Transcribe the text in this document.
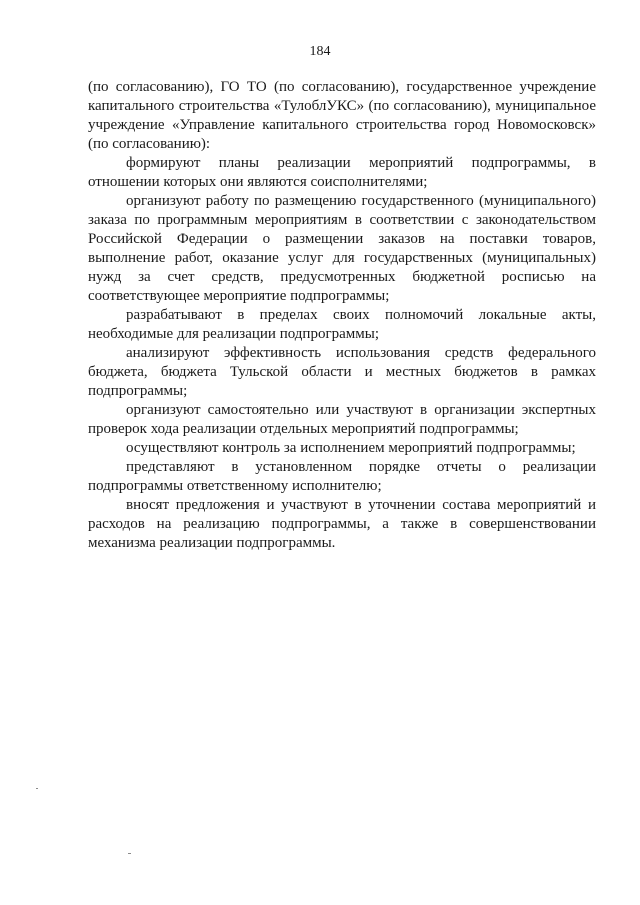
184

(по согласованию), ГО ТО (по согласованию), государственное учреждение капитального строительства «ТулоблУКС» (по согласованию), муниципальное учреждение «Управление капитального строительства город Новомосковск» (по согласованию):

формируют планы реализации мероприятий подпрограммы, в отношении которых они являются соисполнителями;

организуют работу по размещению государственного (муниципального) заказа по программным мероприятиям в соответствии с законодательством Российской Федерации о размещении заказов на поставки товаров, выполнение работ, оказание услуг для государственных (муниципальных) нужд за счет средств, предусмотренных бюджетной росписью на соответствующее мероприятие подпрограммы;

разрабатывают в пределах своих полномочий локальные акты, необходимые для реализации подпрограммы;

анализируют эффективность использования средств федерального бюджета, бюджета Тульской области и местных бюджетов в рамках подпрограммы;

организуют самостоятельно или участвуют в организации экспертных проверок хода реализации отдельных мероприятий подпрограммы;

осуществляют контроль за исполнением мероприятий подпрограммы;

представляют в установленном порядке отчеты о реализации подпрограммы ответственному исполнителю;

вносят предложения и участвуют в уточнении состава мероприятий и расходов на реализацию подпрограммы, а также в совершенствовании механизма реализации подпрограммы.
